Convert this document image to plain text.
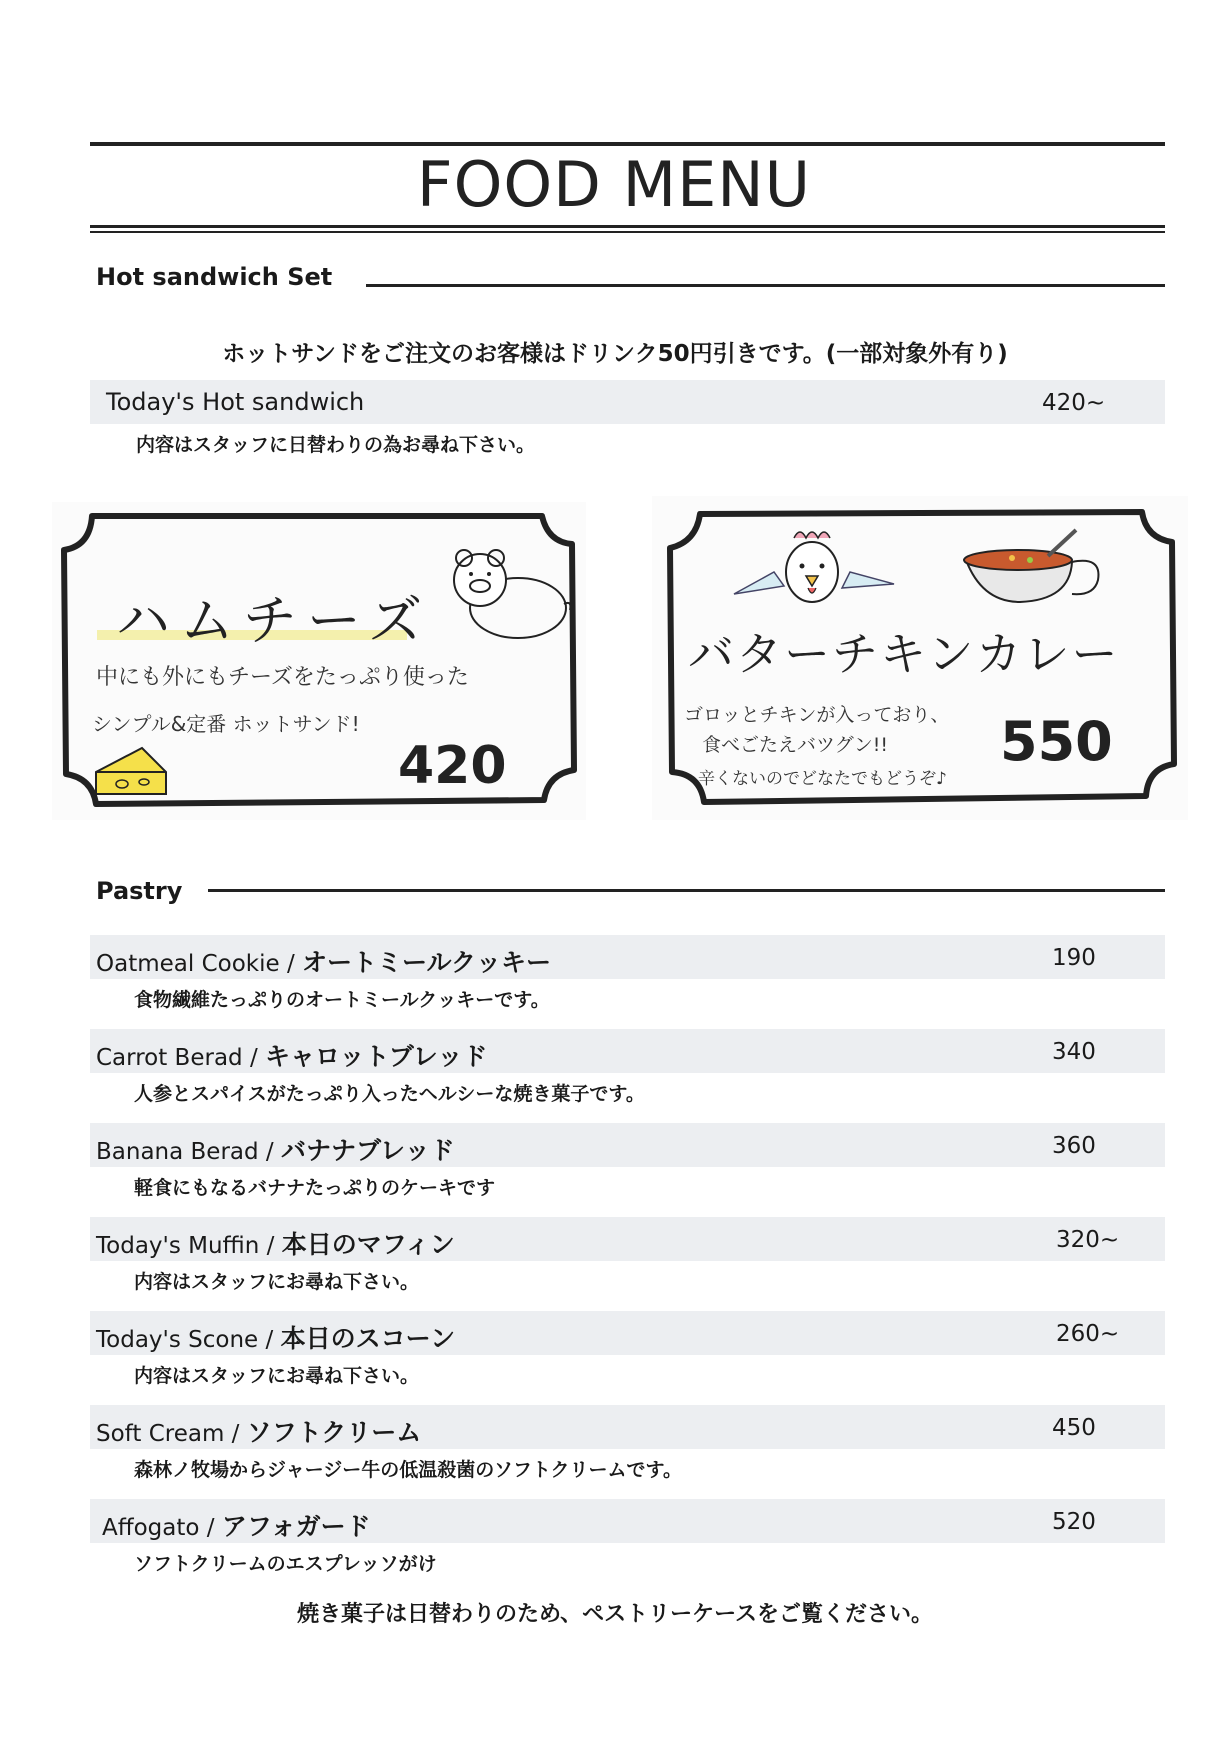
FOOD MENU
Hot sandwich Set
ホットサンドをご注文のお客様はドリンク50円引きです。(一部対象外有り)
Today's Hot sandwich	420~
内容はスタッフに日替わりの為お尋ね下さい。
ハムチーズ
中にも外にもチーズをたっぷり使った
シンプル&定番 ホットサンド!
420
バターチキンカレー
ゴロッとチキンが入っており、
食べごたえバツグン!!
辛くないのでどなたでもどうぞ♪
550
Pastry
Oatmeal Cookie / オートミールクッキー	190
食物繊維たっぷりのオートミールクッキーです。
Carrot Berad / キャロットブレッド	340
人参とスパイスがたっぷり入ったヘルシーな焼き菓子です。
Banana Berad / バナナブレッド	360
軽食にもなるバナナたっぷりのケーキです
Today's Muffin / 本日のマフィン	320~
内容はスタッフにお尋ね下さい。
Today's Scone / 本日のスコーン	260~
内容はスタッフにお尋ね下さい。
Soft Cream / ソフトクリーム	450
森林ノ牧場からジャージー牛の低温殺菌のソフトクリームです。
Affogato / アフォガード	520
ソフトクリームのエスプレッソがけ
焼き菓子は日替わりのため、ペストリーケースをご覧ください。
